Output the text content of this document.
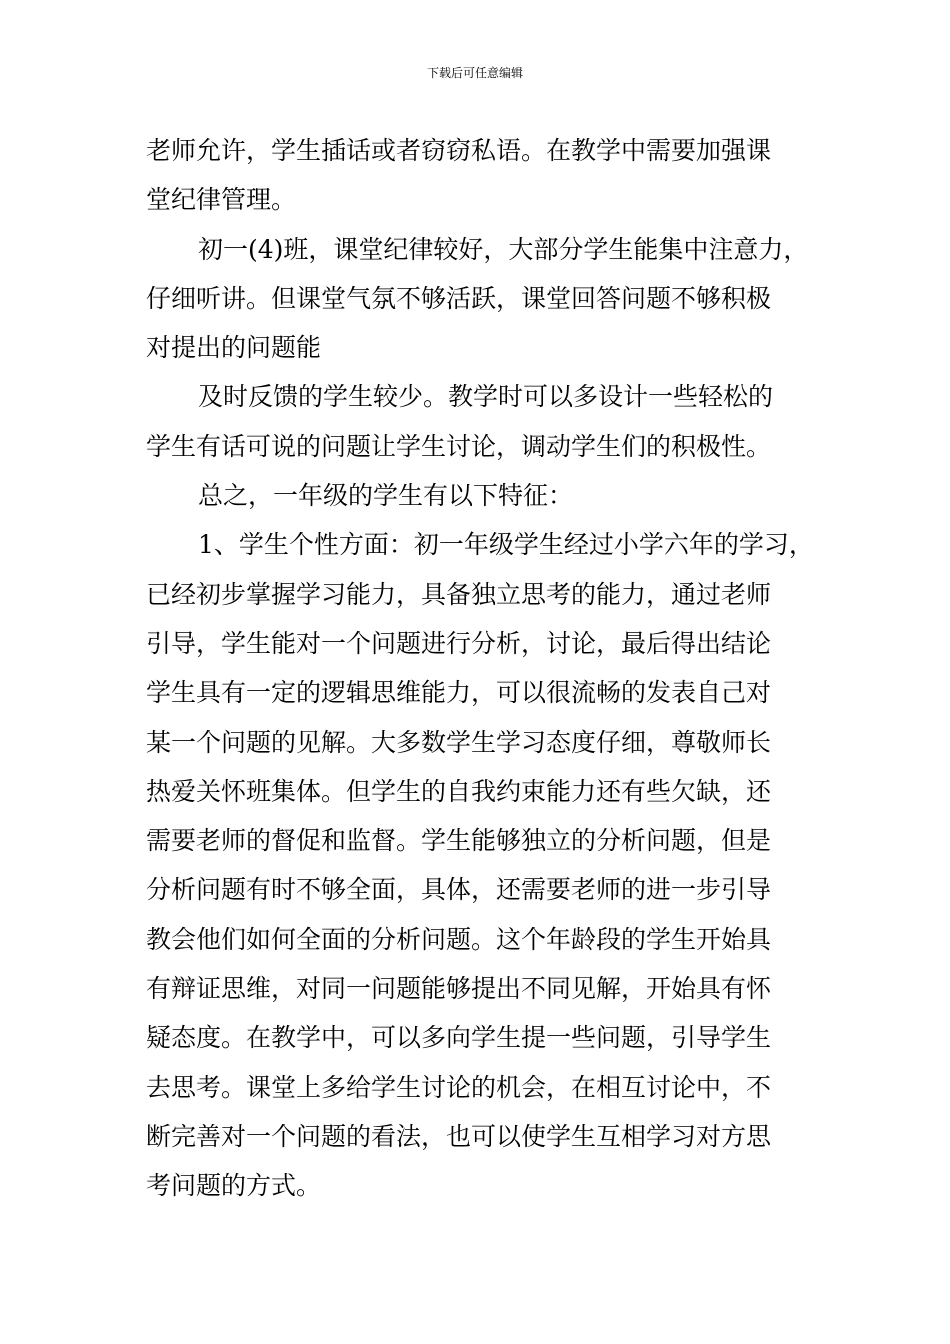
下载后可任意编辑
老师允许，学生插话或者窃窃私语。在教学中需要加强课
堂纪律管理。
初一(4)班，课堂纪律较好，大部分学生能集中注意力，
仔细听讲。但课堂气氛不够活跃，课堂回答问题不够积极
对提出的问题能
及时反馈的学生较少。教学时可以多设计一些轻松的
学生有话可说的问题让学生讨论，调动学生们的积极性。
总之，一年级的学生有以下特征：
1、学生个性方面：初一年级学生经过小学六年的学习，
已经初步掌握学习能力，具备独立思考的能力，通过老师
引导，学生能对一个问题进行分析，讨论，最后得出结论
学生具有一定的逻辑思维能力，可以很流畅的发表自己对
某一个问题的见解。大多数学生学习态度仔细，尊敬师长
热爱关怀班集体。但学生的自我约束能力还有些欠缺，还
需要老师的督促和监督。学生能够独立的分析问题，但是
分析问题有时不够全面，具体，还需要老师的进一步引导
教会他们如何全面的分析问题。这个年龄段的学生开始具
有辩证思维，对同一问题能够提出不同见解，开始具有怀
疑态度。在教学中，可以多向学生提一些问题，引导学生
去思考。课堂上多给学生讨论的机会，在相互讨论中，不
断完善对一个问题的看法，也可以使学生互相学习对方思
考问题的方式。
